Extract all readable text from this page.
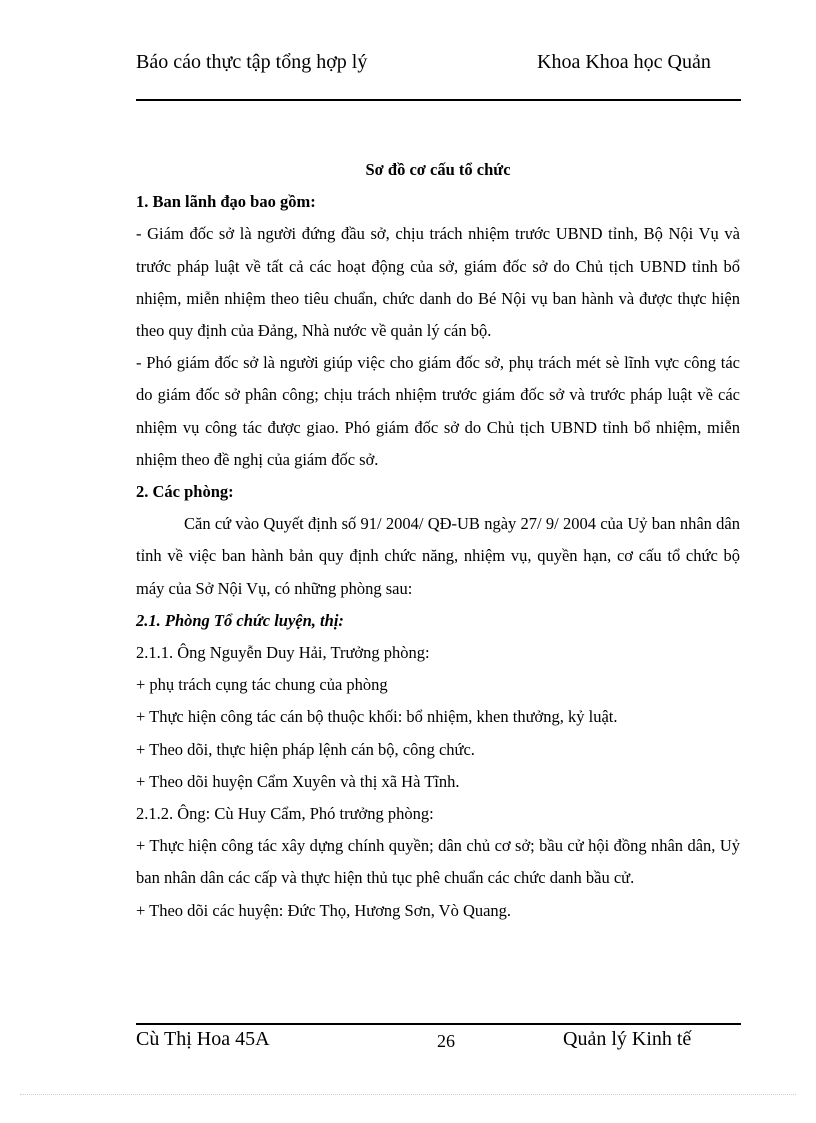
Báo cáo thực tập tổng hợp lý	Khoa Khoa học Quản

Sơ đồ cơ cấu tổ chức

1. Ban lãnh đạo bao gồm:

- Giám đốc sở là người đứng đầu sở, chịu trách nhiệm trước UBND tỉnh, Bộ Nội Vụ và trước pháp luật về tất cả các hoạt động của sở, giám đốc sở do Chủ tịch UBND tỉnh bổ nhiệm, miễn nhiệm theo tiêu chuẩn, chức danh do Bé Nội vụ ban hành và được thực hiện theo quy định của Đảng, Nhà nước về quản lý cán bộ.

- Phó giám đốc sở là người giúp việc cho giám đốc sở, phụ trách mét sè lĩnh vực công tác do giám đốc sở phân công; chịu trách nhiệm trước giám đốc sở và trước pháp luật về các nhiệm vụ công tác được giao. Phó giám đốc sở do Chủ tịch UBND tỉnh bổ nhiệm, miễn nhiệm theo đề nghị của giám đốc sở.

2. Các phòng:

Căn cứ vào Quyết định số 91/ 2004/ QĐ-UB ngày 27/ 9/ 2004 của Uỷ ban nhân dân tỉnh về việc ban hành bản quy định chức năng, nhiệm vụ, quyền hạn, cơ cấu tổ chức bộ máy của Sở Nội Vụ, có những phòng sau:

2.1. Phòng Tổ chức luyện, thị:

2.1.1. Ông Nguyễn Duy Hải, Trưởng phòng:

+ phụ trách cụng tác chung của phòng

+ Thực hiện công tác cán bộ thuộc khối: bổ nhiệm, khen thưởng, kỷ luật.

+ Theo dõi, thực hiện pháp lệnh cán bộ, công chức.

+ Theo dõi huyện Cẩm Xuyên và thị xã Hà Tĩnh.

2.1.2. Ông: Cù Huy Cẩm, Phó trưởng phòng:

+ Thực hiện công tác xây dựng chính quyền; dân chủ cơ sở; bầu cử hội đồng nhân dân, Uỷ ban nhân dân các cấp và thực hiện thủ tục phê chuẩn các chức danh bầu cử.

+ Theo dõi các huyện: Đức Thọ, Hương Sơn, Vò Quang.

Cù Thị Hoa 45A	26	Quản lý Kinh tế
